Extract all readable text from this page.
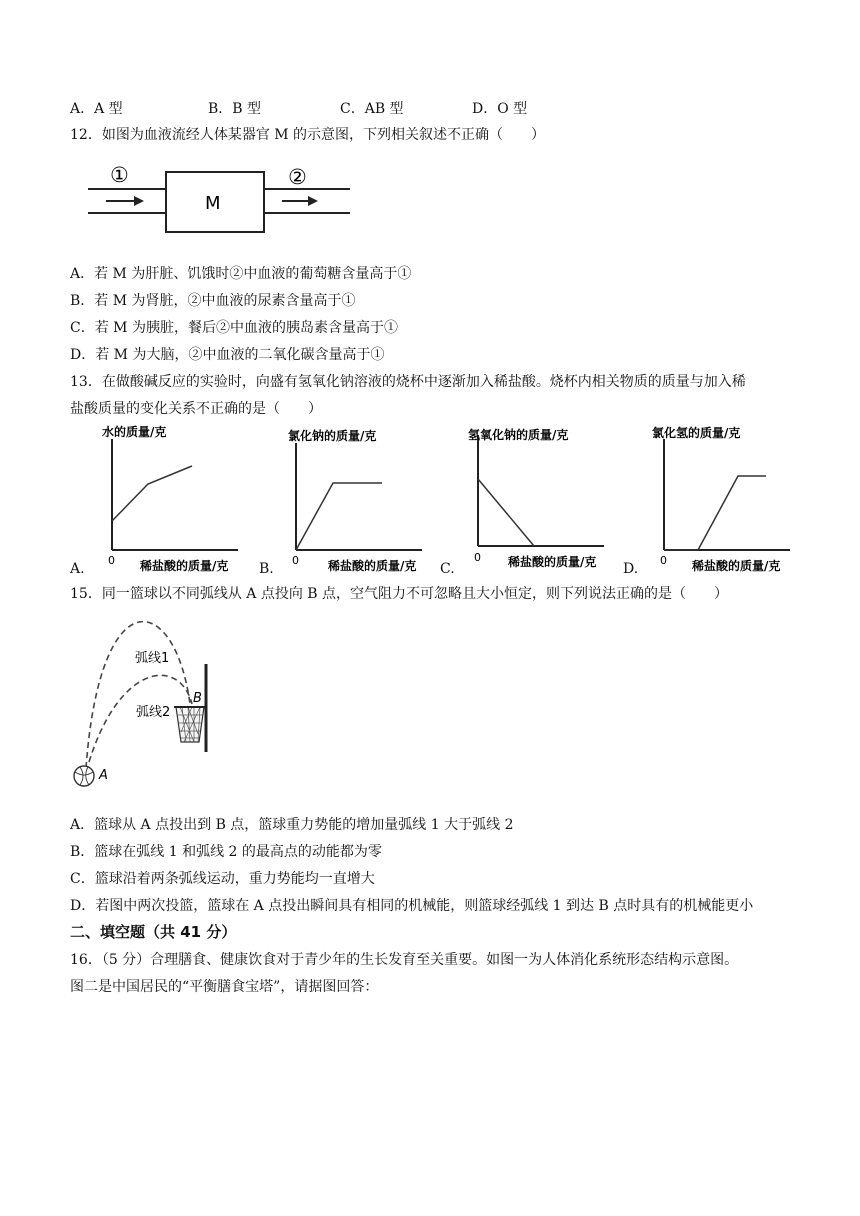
A．A 型	B．B 型	C．AB 型	D．O 型
12．如图为血液流经人体某器官 M 的示意图，下列相关叙述不正确（　　）
①
M
②
A．若 M 为肝脏、饥饿时②中血液的葡萄糖含量高于①
B．若 M 为肾脏，②中血液的尿素含量高于①
C．若 M 为胰脏，餐后②中血液的胰岛素含量高于①
D．若 M 为大脑，②中血液的二氧化碳含量高于①
13．在做酸碱反应的实验时，向盛有氢氧化钠溶液的烧杯中逐渐加入稀盐酸。烧杯内相关物质的质量与加入稀
盐酸质量的变化关系不正确的是（　　）
A.
水的质量/克
0 稀盐酸的质量/克 B.
氯化钠的质量/克
0 稀盐酸的质量/克 C.
氢氧化钠的质量/克
0 稀盐酸的质量/克 D.
氯化氢的质量/克
0 稀盐酸的质量/克
15．同一篮球以不同弧线从 A 点投向 B 点，空气阻力不可忽略且大小恒定，则下列说法正确的是（　　）
弧线1
弧线2
A
B
A．篮球从 A 点投出到 B 点，篮球重力势能的增加量弧线 1 大于弧线 2
B．篮球在弧线 1 和弧线 2 的最高点的动能都为零
C．篮球沿着两条弧线运动，重力势能均一直增大
D．若图中两次投篮，篮球在 A 点投出瞬间具有相同的机械能，则篮球经弧线 1 到达 B 点时具有的机械能更小
二、填空题（共 41 分）
16．（5 分）合理膳食、健康饮食对于青少年的生长发育至关重要。如图一为人体消化系统形态结构示意图。
图二是中国居民的“平衡膳食宝塔”，请据图回答：
